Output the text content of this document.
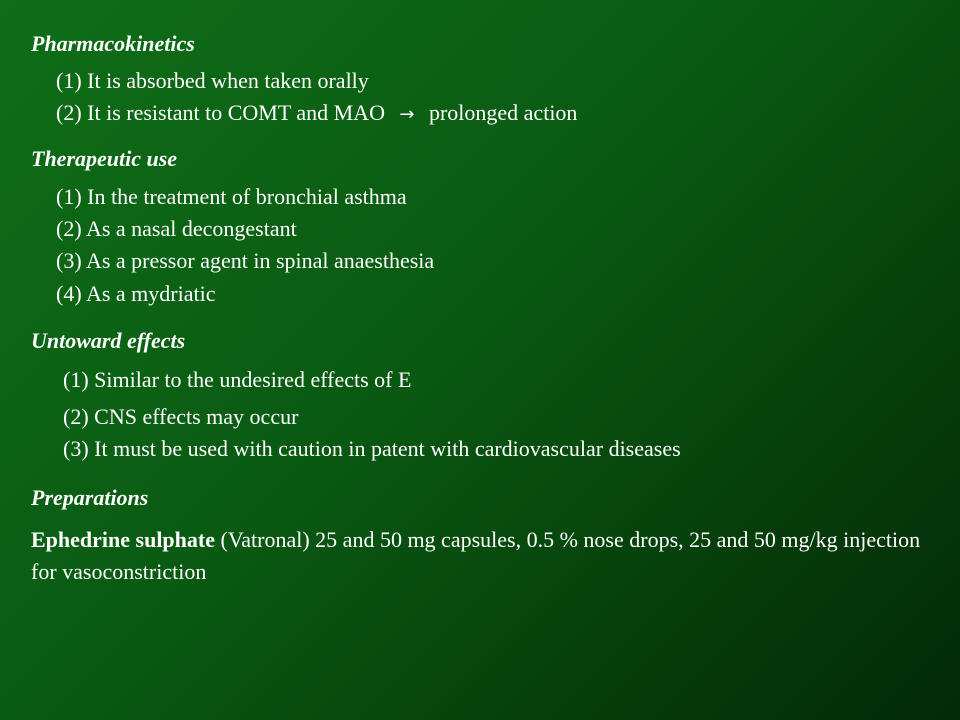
Pharmacokinetics
(1) It is absorbed when taken orally
(2) It is resistant to COMT and MAO → prolonged action
Therapeutic use
(1) In the treatment of bronchial asthma
(2) As a nasal decongestant
(3) As a pressor agent in spinal anaesthesia
(4) As a mydriatic
Untoward effects
(1) Similar to the undesired effects of E
(2) CNS effects may occur
(3) It must be used with caution in patent with cardiovascular diseases
Preparations
Ephedrine sulphate (Vatronal) 25 and 50 mg capsules, 0.5 % nose drops, 25 and 50 mg/kg injection for vasoconstriction
